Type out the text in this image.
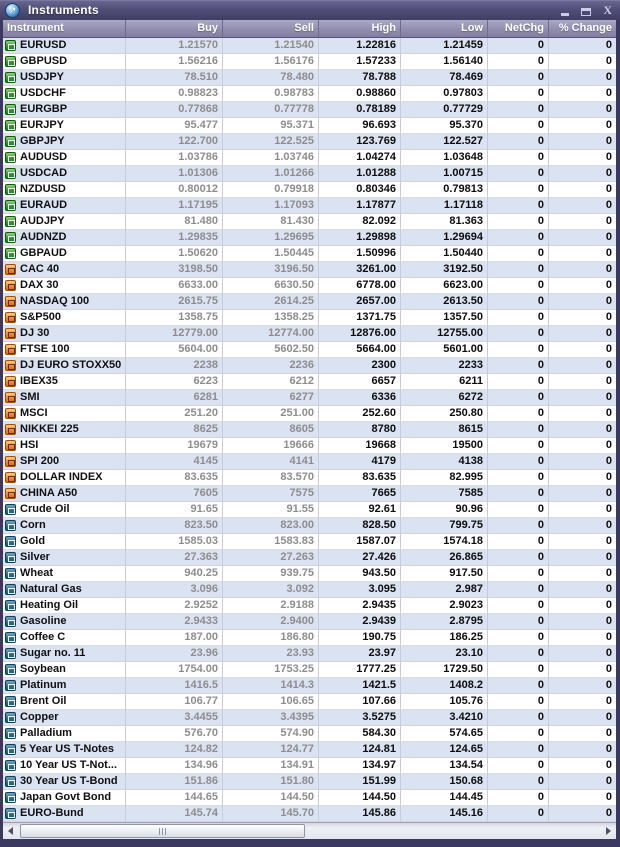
↗ Instruments	X
Instrument	Buy	Sell	High	Low	NetChg	% Change
EURUSD	1.21570	1.21540	1.22816	1.21459	0	0
GBPUSD	1.56216	1.56176	1.57233	1.56140	0	0
USDJPY	78.510	78.480	78.788	78.469	0	0
USDCHF	0.98823	0.98783	0.98860	0.97803	0	0
EURGBP	0.77868	0.77778	0.78189	0.77729	0	0
EURJPY	95.477	95.371	96.693	95.370	0	0
GBPJPY	122.700	122.525	123.769	122.527	0	0
AUDUSD	1.03786	1.03746	1.04274	1.03648	0	0
USDCAD	1.01306	1.01266	1.01288	1.00715	0	0
NZDUSD	0.80012	0.79918	0.80346	0.79813	0	0
EURAUD	1.17195	1.17093	1.17877	1.17118	0	0
AUDJPY	81.480	81.430	82.092	81.363	0	0
AUDNZD	1.29835	1.29695	1.29898	1.29694	0	0
GBPAUD	1.50620	1.50445	1.50996	1.50440	0	0
CAC 40	3198.50	3196.50	3261.00	3192.50	0	0
DAX 30	6633.00	6630.50	6778.00	6623.00	0	0
NASDAQ 100	2615.75	2614.25	2657.00	2613.50	0	0
S&P500	1358.75	1358.25	1371.75	1357.50	0	0
DJ 30	12779.00	12774.00	12876.00	12755.00	0	0
FTSE 100	5604.00	5602.50	5664.00	5601.00	0	0
DJ EURO STOXX50	2238	2236	2300	2233	0	0
IBEX35	6223	6212	6657	6211	0	0
SMI	6281	6277	6336	6272	0	0
MSCI	251.20	251.00	252.60	250.80	0	0
NIKKEI 225	8625	8605	8780	8615	0	0
HSI	19679	19666	19668	19500	0	0
SPI 200	4145	4141	4179	4138	0	0
DOLLAR INDEX	83.635	83.570	83.635	82.995	0	0
CHINA A50	7605	7575	7665	7585	0	0
Crude Oil	91.65	91.55	92.61	90.96	0	0
Corn	823.50	823.00	828.50	799.75	0	0
Gold	1585.03	1583.83	1587.07	1574.18	0	0
Silver	27.363	27.263	27.426	26.865	0	0
Wheat	940.25	939.75	943.50	917.50	0	0
Natural Gas	3.096	3.092	3.095	2.987	0	0
Heating Oil	2.9252	2.9188	2.9435	2.9023	0	0
Gasoline	2.9433	2.9400	2.9439	2.8795	0	0
Coffee C	187.00	186.80	190.75	186.25	0	0
Sugar no. 11	23.96	23.93	23.97	23.10	0	0
Soybean	1754.00	1753.25	1777.25	1729.50	0	0
Platinum	1416.5	1414.3	1421.5	1408.2	0	0
Brent Oil	106.77	106.65	107.66	105.76	0	0
Copper	3.4455	3.4395	3.5275	3.4210	0	0
Palladium	576.70	574.90	584.30	574.65	0	0
5 Year US T-Notes	124.82	124.77	124.81	124.65	0	0
10 Year US T-Not...	134.96	134.91	134.97	134.54	0	0
30 Year US T-Bond	151.86	151.80	151.99	150.68	0	0
Japan Govt Bond	144.65	144.50	144.50	144.45	0	0
EURO-Bund	145.74	145.70	145.86	145.16	0	0
